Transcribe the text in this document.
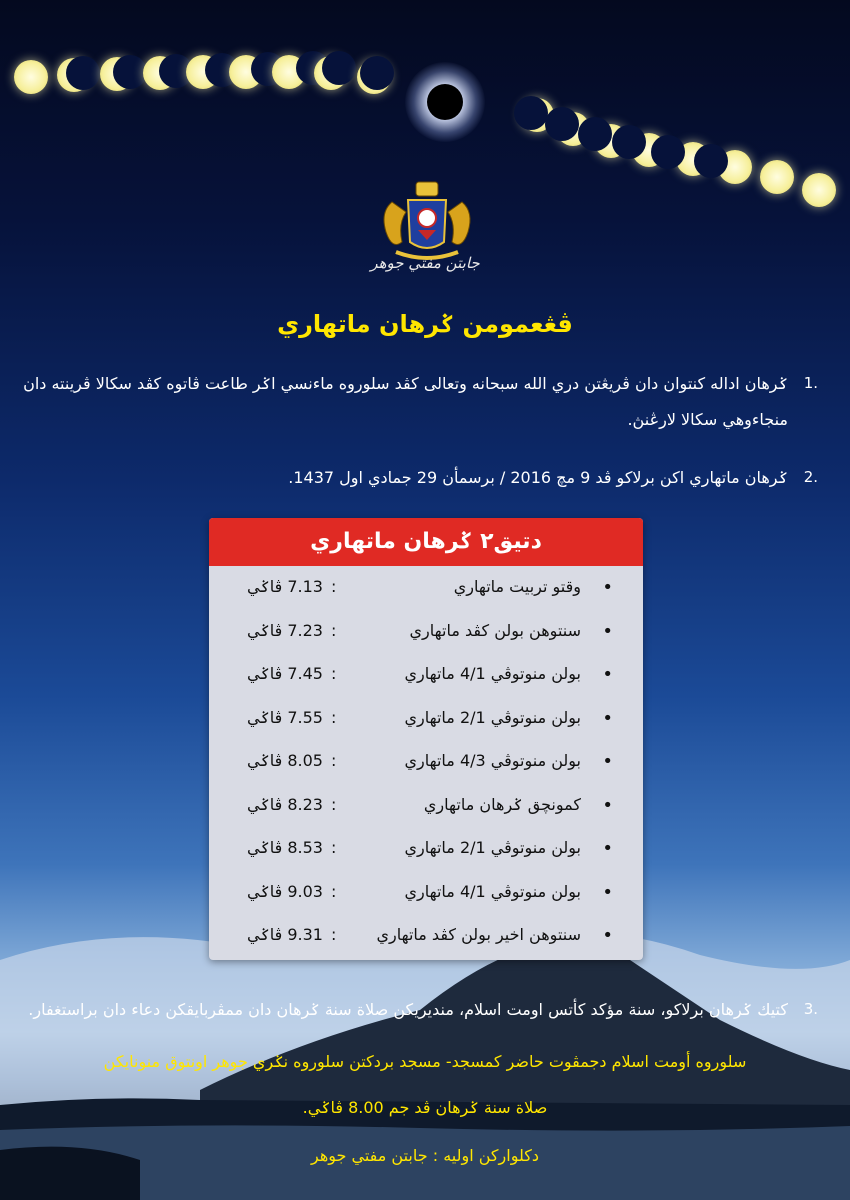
جابتن مفتي جوهر
ڤڠعمومن ݢرهان ماتهاري
1.
ݢرهان اداله كنتوان دان ڤريڠتن دري الله سبحانه وتعالى كڤد سلوروه ماءنسي اݢر طاعت ڤاتوه كڤد سكالا ڤرينته دان منجاءوهي سكالا لارڠنڽ.
2.
ݢرهان ماتهاري اكن برلاكو ڤد 9 مچ 2016 / برسمأن 29 جمادي اول 1437.
دتيق٢ ݢرهان ماتهاري
•
وقتو تربيت ماتهاري
:
7.13 ڤاݢي
•
سنتوهن بولن كڤد ماتهاري
:
7.23 ڤاݢي
•
بولن منوتوڤي 4/1 ماتهاري
:
7.45 ڤاݢي
•
بولن منوتوڤي 2/1 ماتهاري
:
7.55 ڤاݢي
•
بولن منوتوڤي 4/3 ماتهاري
:
8.05 ڤاݢي
•
كمونچق ݢرهان ماتهاري
:
8.23 ڤاݢي
•
بولن منوتوڤي 2/1 ماتهاري
:
8.53 ڤاݢي
•
بولن منوتوڤي 4/1 ماتهاري
:
9.03 ڤاݢي
•
سنتوهن اخير بولن كڤد ماتهاري
:
9.31 ڤاݢي
3.
كتيك ݢرهان برلاكو، سنة مؤكد كأتس اومت اسلام، منديريكن صلاة سنة ݢرهان دان ممڤربايقكن دعاء دان براستغفار.
سلوروه أومت اسلام دجمڤوت حاضر كمسجد- مسجد بردكتن سلوروه نݢري جوهر اونتوق منونايكن
صلاة سنة ݢرهان ڤد جم 8.00 ڤاݢي.
دكلواركن اوليه : جابتن مفتي جوهر
